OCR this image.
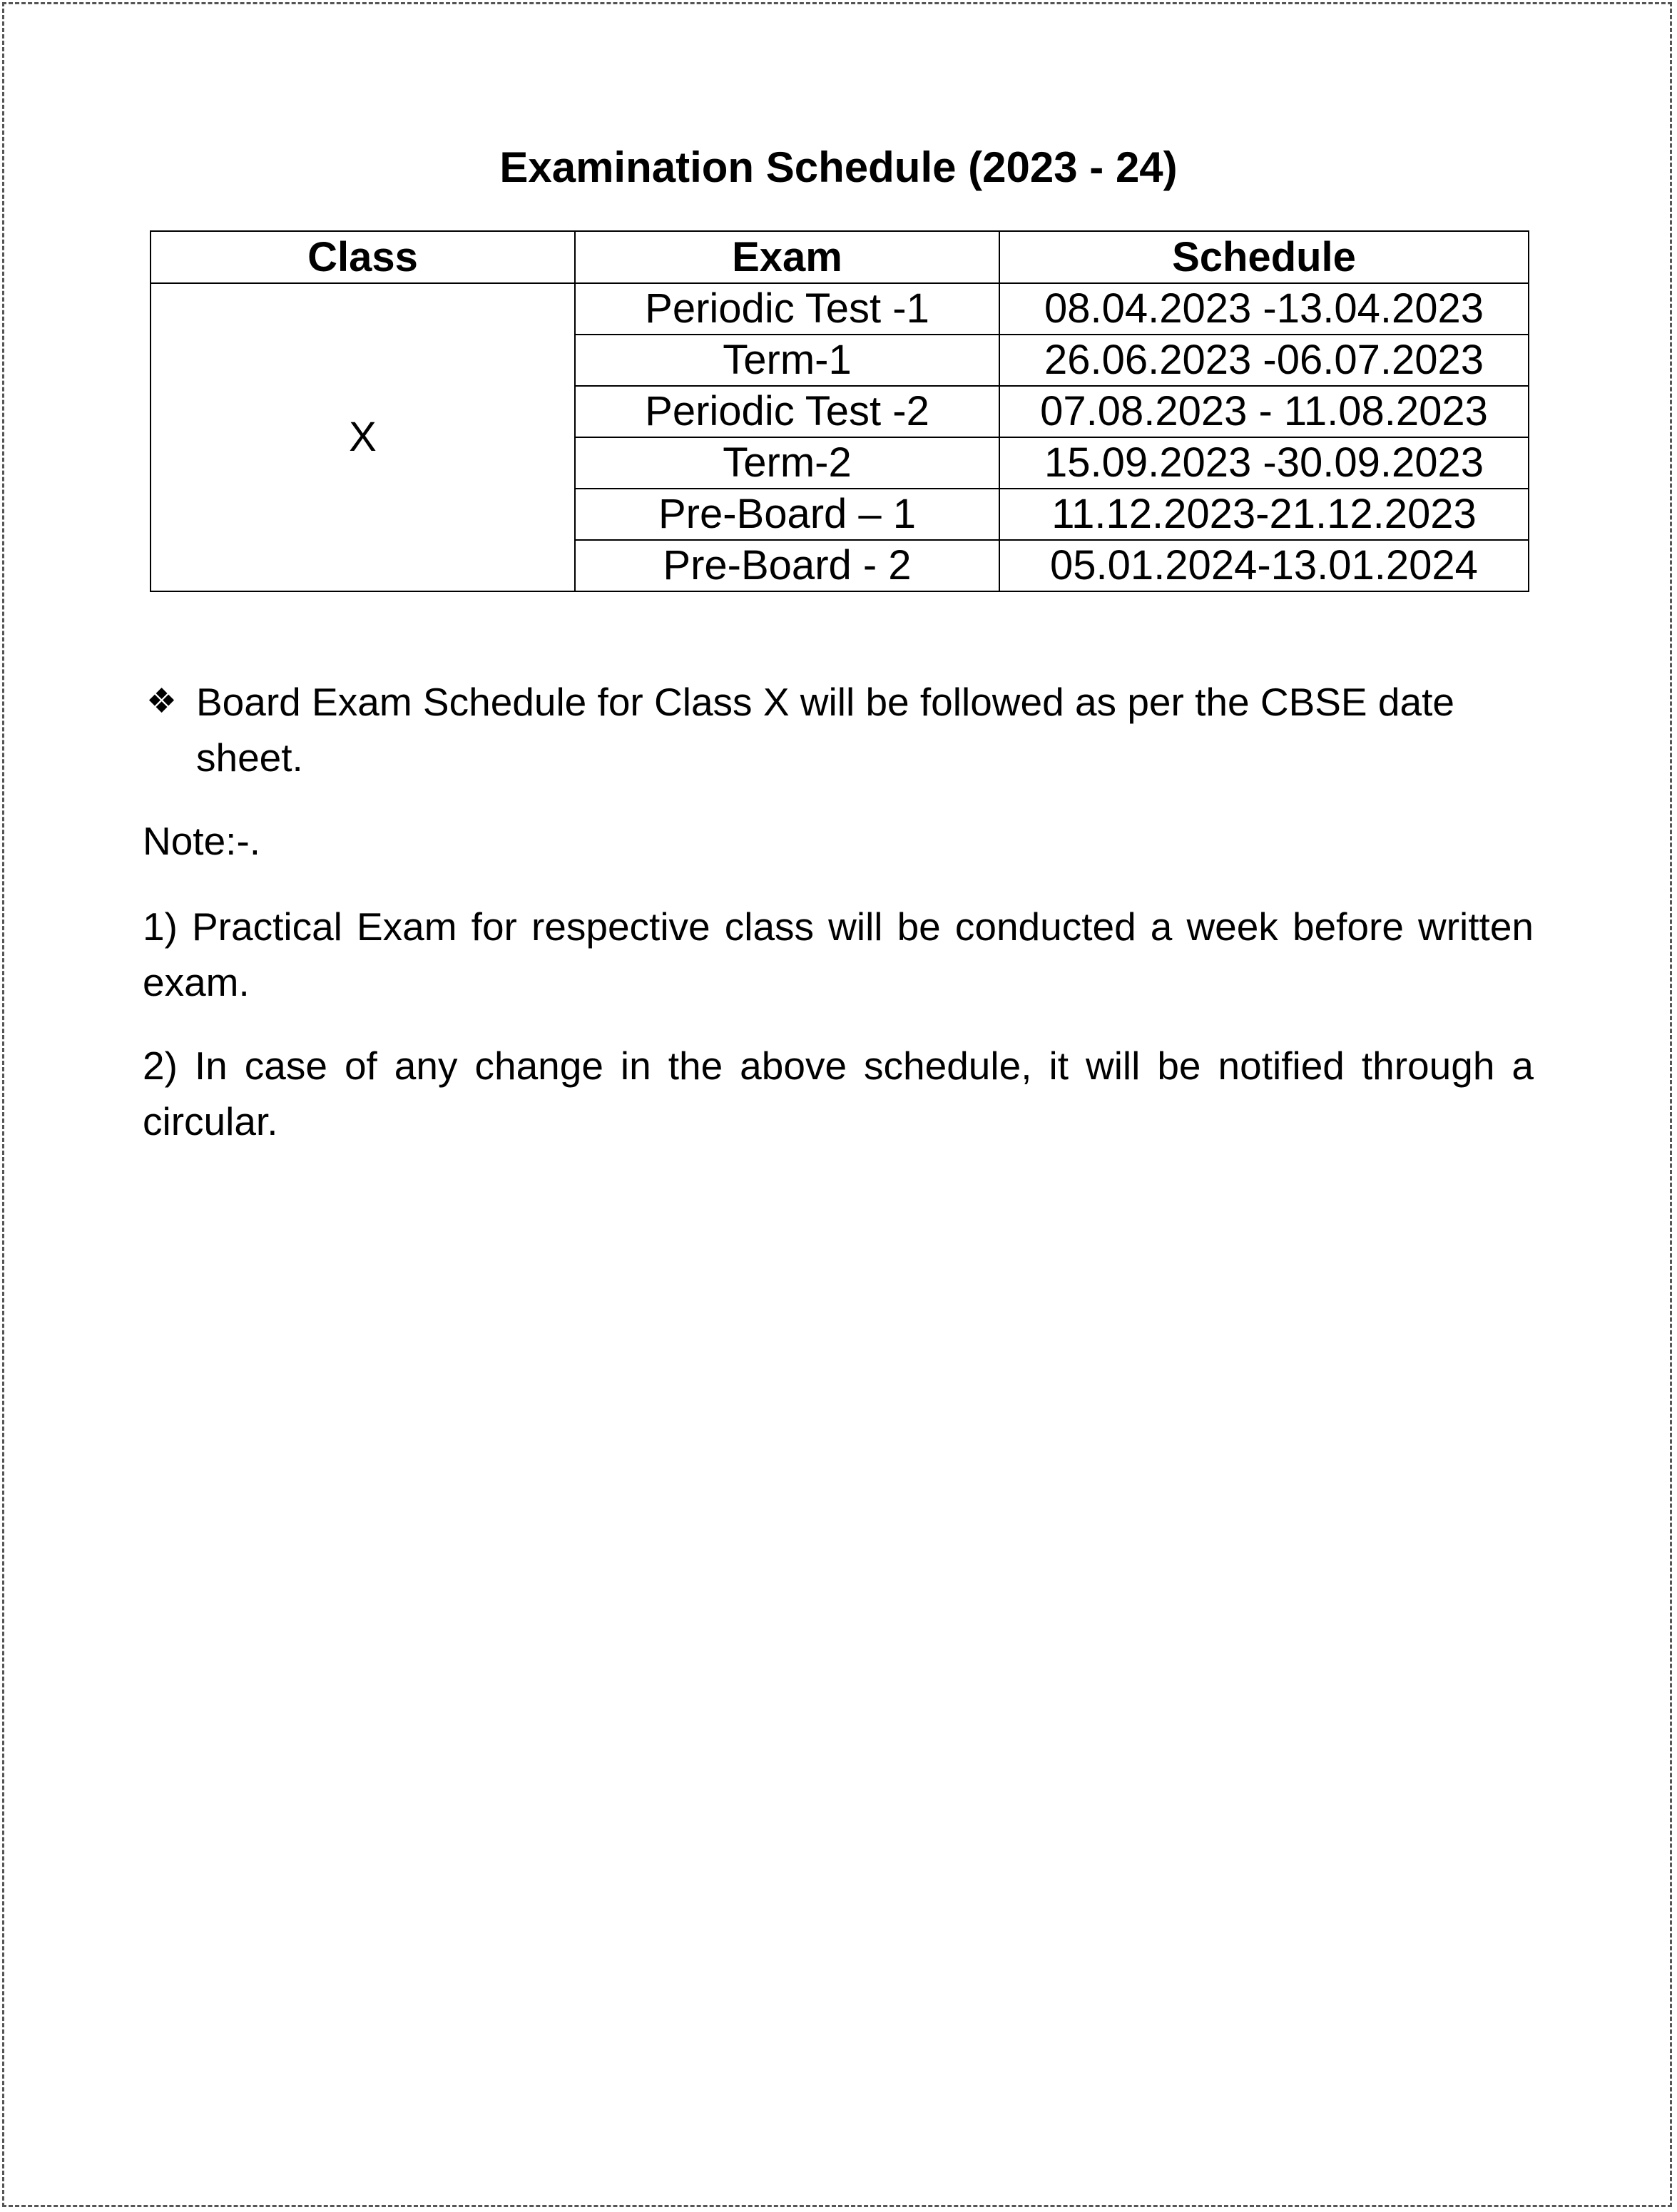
Examination Schedule (2023 - 24)
Class	Exam	Schedule
X	Periodic Test -1	08.04.2023 -13.04.2023
	Term-1	26.06.2023 -06.07.2023
	Periodic Test -2	07.08.2023 - 11.08.2023
	Term-2	15.09.2023 -30.09.2023
	Pre-Board – 1	11.12.2023-21.12.2023
	Pre-Board - 2	05.01.2024-13.01.2024
❖ Board Exam Schedule for Class X will be followed as per the CBSE date sheet.

Note:-.

1) Practical Exam for respective class will be conducted a week before written exam.

2) In case of any change in the above schedule, it will be notified through a circular.
